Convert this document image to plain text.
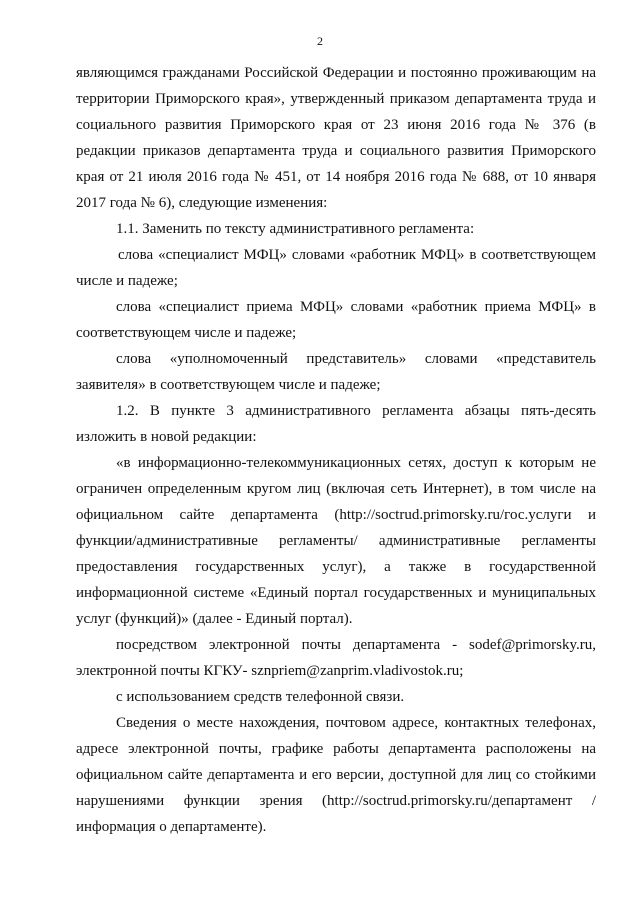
2

являющимся гражданами Российской Федерации и постоянно проживающим на территории Приморского края», утвержденный приказом департамента труда и социального развития Приморского края от 23 июня 2016 года № 376 (в редакции приказов департамента труда и социального развития Приморского края от 21 июля 2016 года № 451, от 14 ноября 2016 года № 688, от 10 января 2017 года № 6), следующие изменения:

1.1. Заменить по тексту административного регламента:

слова «специалист МФЦ» словами «работник МФЦ» в соответствующем числе и падеже;

слова «специалист приема МФЦ» словами «работник приема МФЦ» в соответствующем числе и падеже;

слова «уполномоченный представитель» словами «представитель заявителя» в соответствующем числе и падеже;

1.2. В пункте 3 административного регламента абзацы пять-десять изложить в новой редакции:

«в информационно-телекоммуникационных сетях, доступ к которым не ограничен определенным кругом лиц (включая сеть Интернет), в том числе на официальном сайте департамента (http://soctrud.primorsky.ru/гос.услуги и функции/административные регламенты/ административные регламенты предоставления государственных услуг), а также в государственной информационной системе «Единый портал государственных и муниципальных услуг (функций)» (далее - Единый портал).

посредством электронной почты департамента - sodef@primorsky.ru, электронной почты КГКУ- sznpriem@zanprim.vladivostok.ru;

с использованием средств телефонной связи.

Сведения о месте нахождения, почтовом адресе, контактных телефонах, адресе электронной почты, графике работы департамента расположены на официальном сайте департамента и его версии, доступной для лиц со стойкими нарушениями функции зрения (http://soctrud.primorsky.ru/департамент /информация о департаменте).
